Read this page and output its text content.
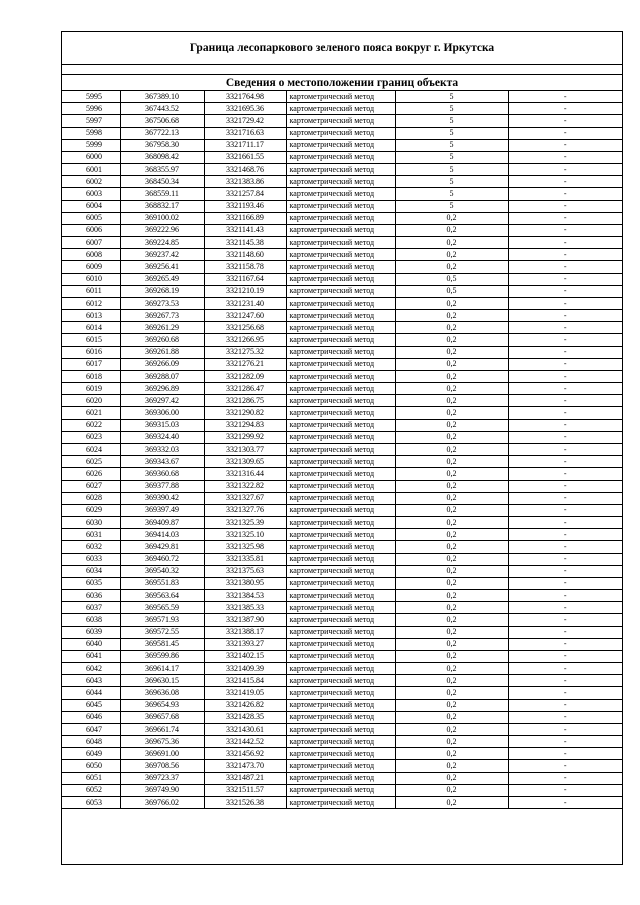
Граница лесопаркового зеленого пояса вокруг г. Иркутска
Сведения о местоположении границ объекта
5995	367389.10	3321764.98	картометрический метод	5	-
5996	367443.52	3321695.36	картометрический метод	5	-
5997	367506.68	3321729.42	картометрический метод	5	-
5998	367722.13	3321716.63	картометрический метод	5	-
5999	367958.30	3321711.17	картометрический метод	5	-
6000	368098.42	3321661.55	картометрический метод	5	-
6001	368355.97	3321468.76	картометрический метод	5	-
6002	368450.34	3321383.86	картометрический метод	5	-
6003	368559.11	3321257.84	картометрический метод	5	-
6004	368832.17	3321193.46	картометрический метод	5	-
6005	369100.02	3321166.89	картометрический метод	0,2	-
6006	369222.96	3321141.43	картометрический метод	0,2	-
6007	369224.85	3321145.38	картометрический метод	0,2	-
6008	369237.42	3321148.60	картометрический метод	0,2	-
6009	369256.41	3321158.78	картометрический метод	0,2	-
6010	369265.49	3321167.64	картометрический метод	0,5	-
6011	369268.19	3321210.19	картометрический метод	0,5	-
6012	369273.53	3321231.40	картометрический метод	0,2	-
6013	369267.73	3321247.60	картометрический метод	0,2	-
6014	369261.29	3321256.68	картометрический метод	0,2	-
6015	369260.68	3321266.95	картометрический метод	0,2	-
6016	369261.88	3321275.32	картометрический метод	0,2	-
6017	369266.09	3321276.21	картометрический метод	0,2	-
6018	369288.07	3321282.09	картометрический метод	0,2	-
6019	369296.89	3321286.47	картометрический метод	0,2	-
6020	369297.42	3321286.75	картометрический метод	0,2	-
6021	369306.00	3321290.82	картометрический метод	0,2	-
6022	369315.03	3321294.83	картометрический метод	0,2	-
6023	369324.40	3321299.92	картометрический метод	0,2	-
6024	369332.03	3321303.77	картометрический метод	0,2	-
6025	369343.67	3321309.65	картометрический метод	0,2	-
6026	369360.68	3321316.44	картометрический метод	0,2	-
6027	369377.88	3321322.82	картометрический метод	0,2	-
6028	369390.42	3321327.67	картометрический метод	0,2	-
6029	369397.49	3321327.76	картометрический метод	0,2	-
6030	369409.87	3321325.39	картометрический метод	0,2	-
6031	369414.03	3321325.10	картометрический метод	0,2	-
6032	369429.81	3321325.98	картометрический метод	0,2	-
6033	369460.72	3321335.81	картометрический метод	0,2	-
6034	369540.32	3321375.63	картометрический метод	0,2	-
6035	369551.83	3321380.95	картометрический метод	0,2	-
6036	369563.64	3321384.53	картометрический метод	0,2	-
6037	369565.59	3321385.33	картометрический метод	0,2	-
6038	369571.93	3321387.90	картометрический метод	0,2	-
6039	369572.55	3321388.17	картометрический метод	0,2	-
6040	369581.45	3321393.27	картометрический метод	0,2	-
6041	369599.86	3321402.15	картометрический метод	0,2	-
6042	369614.17	3321409.39	картометрический метод	0,2	-
6043	369630.15	3321415.84	картометрический метод	0,2	-
6044	369636.08	3321419.05	картометрический метод	0,2	-
6045	369654.93	3321426.82	картометрический метод	0,2	-
6046	369657.68	3321428.35	картометрический метод	0,2	-
6047	369661.74	3321430.61	картометрический метод	0,2	-
6048	369675.36	3321442.52	картометрический метод	0,2	-
6049	369691.00	3321456.92	картометрический метод	0,2	-
6050	369708.56	3321473.70	картометрический метод	0,2	-
6051	369723.37	3321487.21	картометрический метод	0,2	-
6052	369749.90	3321511.57	картометрический метод	0,2	-
6053	369766.02	3321526.38	картометрический метод	0,2	-
